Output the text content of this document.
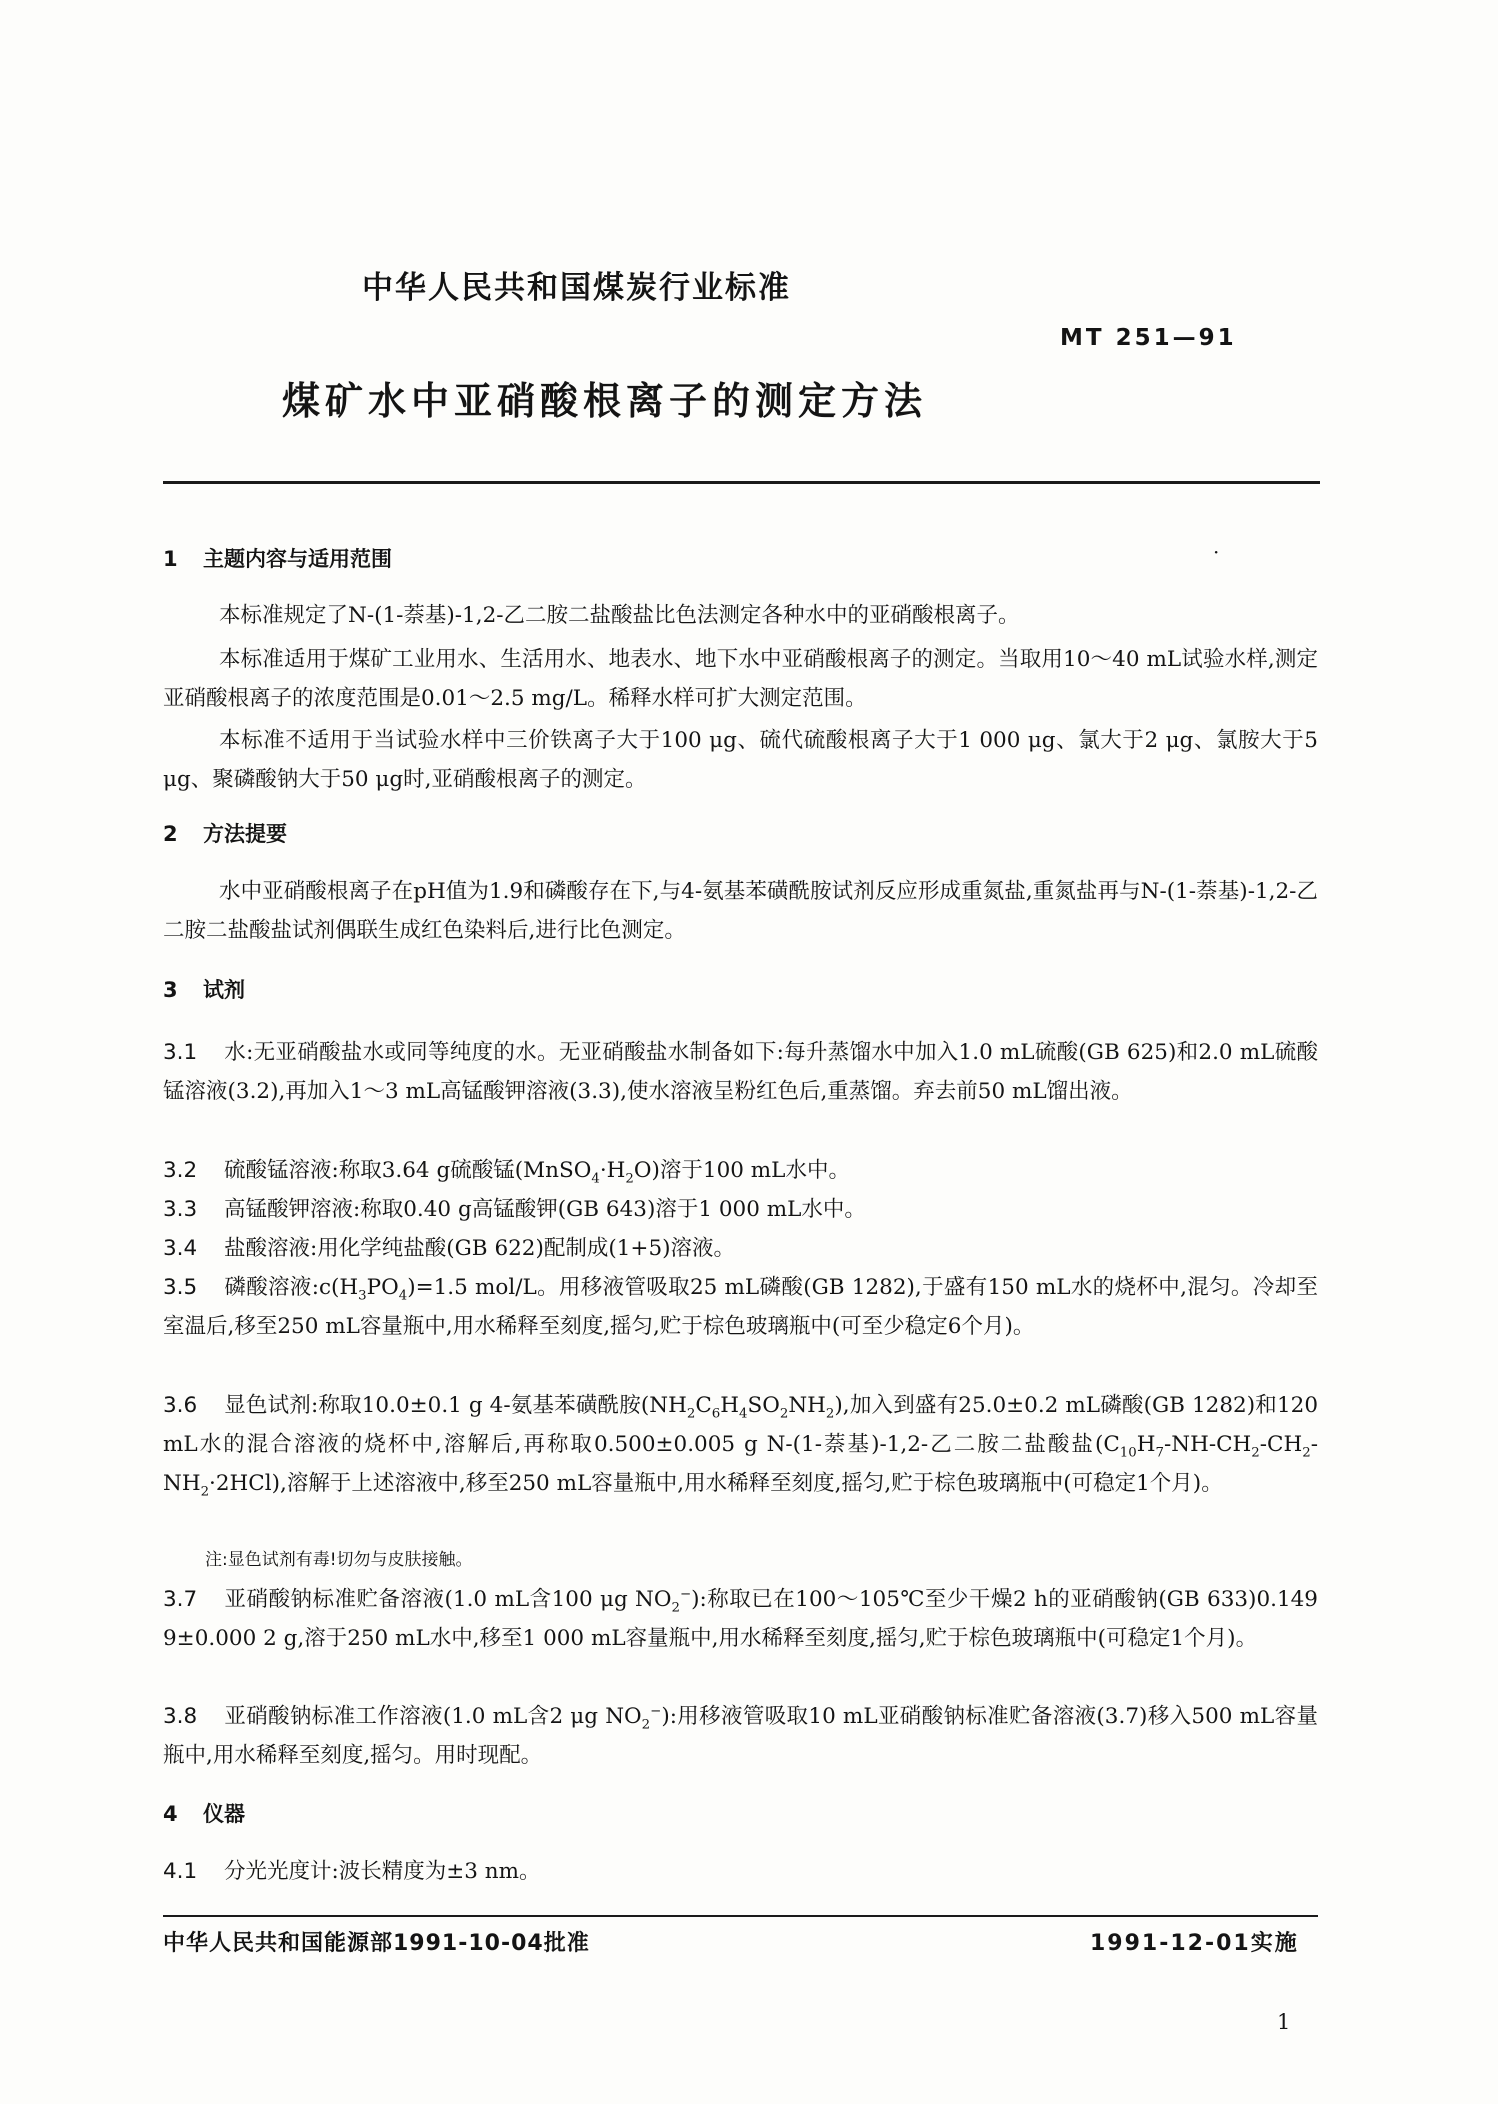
中华人民共和国煤炭行业标准
MT 251—91
煤矿水中亚硝酸根离子的测定方法
·
1 主题内容与适用范围
本标准规定了N-(1-萘基)-1,2-乙二胺二盐酸盐比色法测定各种水中的亚硝酸根离子。
本标准适用于煤矿工业用水、生活用水、地表水、地下水中亚硝酸根离子的测定。当取用10～40 mL试验水样,测定亚硝酸根离子的浓度范围是0.01～2.5 mg/L。稀释水样可扩大测定范围。
本标准不适用于当试验水样中三价铁离子大于100 μg、硫代硫酸根离子大于1 000 μg、氯大于2 μg、氯胺大于5 μg、聚磷酸钠大于50 μg时,亚硝酸根离子的测定。
2 方法提要
水中亚硝酸根离子在pH值为1.9和磷酸存在下,与4-氨基苯磺酰胺试剂反应形成重氮盐,重氮盐再与N-(1-萘基)-1,2-乙二胺二盐酸盐试剂偶联生成红色染料后,进行比色测定。
3 试剂
3.1 水:无亚硝酸盐水或同等纯度的水。无亚硝酸盐水制备如下:每升蒸馏水中加入1.0 mL硫酸(GB 625)和2.0 mL硫酸锰溶液(3.2),再加入1～3 mL高锰酸钾溶液(3.3),使水溶液呈粉红色后,重蒸馏。弃去前50 mL馏出液。
3.2 硫酸锰溶液:称取3.64 g硫酸锰$(MnSO_4\cdot H_2O)$溶于100 mL水中。
3.3 高锰酸钾溶液:称取0.40 g高锰酸钾(GB 643)溶于1 000 mL水中。
3.4 盐酸溶液:用化学纯盐酸(GB 622)配制成(1+5)溶液。
3.5 磷酸溶液$:c(H_3PO_4)=1.5$ mol/L。用移液管吸取25 mL磷酸(GB 1282),于盛有150 mL水的烧杯中,混匀。冷却至室温后,移至250 mL容量瓶中,用水稀释至刻度,摇匀,贮于棕色玻璃瓶中(可至少稳定6个月)。
3.6 显色试剂:称取10.0±0.1 g 4-氨基苯磺酰胺$(NH_2C_6H_4SO_2NH_2)$,加入到盛有25.0±0.2 mL磷酸(GB 1282)和120 mL水的混合溶液的烧杯中,溶解后,再称取0.500±0.005 g N-(1-萘基)-1,2-乙二胺二盐酸盐$(C_{10}H_7-NH-CH_2-CH_2-NH_2\cdot 2HCl)$,溶解于上述溶液中,移至250 mL容量瓶中,用水稀释至刻度,摇匀,贮于棕色玻璃瓶中(可稳定1个月)。
注:显色试剂有毒!切勿与皮肤接触。
3.7 亚硝酸钠标准贮备溶液(1.0 mL含100 μg $NO_2^-$):称取已在100～105℃至少干燥2 h的亚硝酸钠(GB 633)0.149 9±0.000 2 g,溶于250 mL水中,移至1 000 mL容量瓶中,用水稀释至刻度,摇匀,贮于棕色玻璃瓶中(可稳定1个月)。
3.8 亚硝酸钠标准工作溶液(1.0 mL含2 μg $NO_2^-$):用移液管吸取10 mL亚硝酸钠标准贮备溶液(3.7)移入500 mL容量瓶中,用水稀释至刻度,摇匀。用时现配。
4 仪器
4.1 分光光度计:波长精度为±3 nm。
中华人民共和国能源部1991-10-04批准	1991-12-01实施
1
